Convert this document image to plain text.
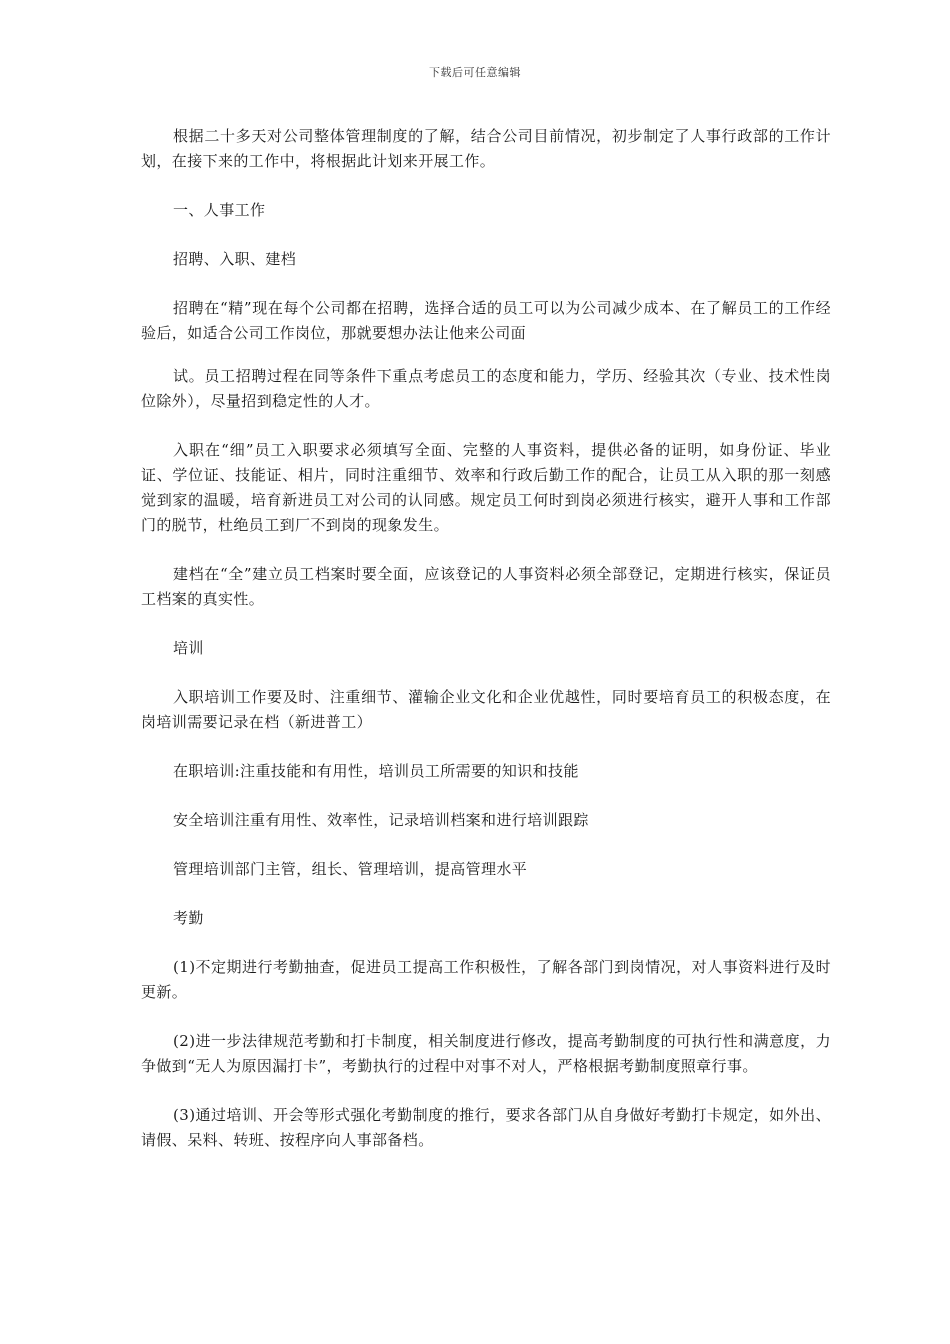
下载后可任意编辑

根据二十多天对公司整体管理制度的了解，结合公司目前情况，初步制定了人事行政部的工作计划，在接下来的工作中，将根据此计划来开展工作。

一、人事工作

招聘、入职、建档

招聘在“精”现在每个公司都在招聘，选择合适的员工可以为公司减少成本、在了解员工的工作经验后，如适合公司工作岗位，那就要想办法让他来公司面

试。员工招聘过程在同等条件下重点考虑员工的态度和能力，学历、经验其次（专业、技术性岗位除外），尽量招到稳定性的人才。

入职在“细”员工入职要求必须填写全面、完整的人事资料，提供必备的证明，如身份证、毕业证、学位证、技能证、相片，同时注重细节、效率和行政后勤工作的配合，让员工从入职的那一刻感觉到家的温暖，培育新进员工对公司的认同感。规定员工何时到岗必须进行核实，避开人事和工作部门的脱节，杜绝员工到厂不到岗的现象发生。

建档在“全”建立员工档案时要全面，应该登记的人事资料必须全部登记，定期进行核实，保证员工档案的真实性。

培训

入职培训工作要及时、注重细节、灌输企业文化和企业优越性，同时要培育员工的积极态度，在岗培训需要记录在档（新进普工）

在职培训:注重技能和有用性，培训员工所需要的知识和技能

安全培训注重有用性、效率性，记录培训档案和进行培训跟踪

管理培训部门主管，组长、管理培训，提高管理水平

考勤

(1)不定期进行考勤抽查，促进员工提高工作积极性，了解各部门到岗情况，对人事资料进行及时更新。

(2)进一步法律规范考勤和打卡制度，相关制度进行修改，提高考勤制度的可执行性和满意度，力争做到“无人为原因漏打卡”，考勤执行的过程中对事不对人，严格根据考勤制度照章行事。

(3)通过培训、开会等形式强化考勤制度的推行，要求各部门从自身做好考勤打卡规定，如外出、请假、呆料、转班、按程序向人事部备档。
